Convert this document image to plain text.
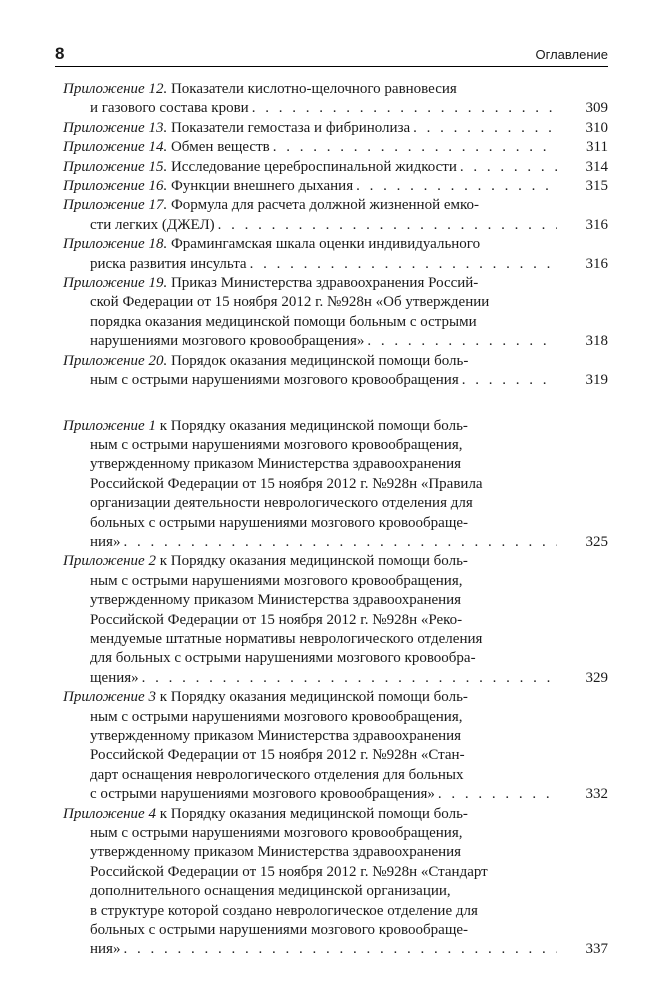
8	Оглавление
Приложение 12. Показатели кислотно-щелочного равновесия
и газового состава крови . . .	309
Приложение 13. Показатели гемостаза и фибринолиза . . .	310
Приложение 14. Обмен веществ . . .	311
Приложение 15. Исследование цереброспинальной жидкости . . .	314
Приложение 16. Функции внешнего дыхания . . .	315
Приложение 17. Формула для расчета должной жизненной емко-
сти легких (ДЖЕЛ) . . .	316
Приложение 18. Фрамингамская шкала оценки индивидуального
риска развития инсульта . . .	316
Приложение 19. Приказ Министерства здравоохранения Россий-
ской Федерации от 15 ноября 2012 г. №928н «Об утверждении
порядка оказания медицинской помощи больным с острыми
нарушениями мозгового кровообращения» . . .	318
Приложение 20. Порядок оказания медицинской помощи боль-
ным с острыми нарушениями мозгового кровообращения . . .	319
Приложение 1 к Порядку оказания медицинской помощи боль-
ным с острыми нарушениями мозгового кровообращения,
утвержденному приказом Министерства здравоохранения
Российской Федерации от 15 ноября 2012 г. №928н «Правила
организации деятельности неврологического отделения для
больных с острыми нарушениями мозгового кровообраще-
ния» . . .	325
Приложение 2 к Порядку оказания медицинской помощи боль-
ным с острыми нарушениями мозгового кровообращения,
утвержденному приказом Министерства здравоохранения
Российской Федерации от 15 ноября 2012 г. №928н «Реко-
мендуемые штатные нормативы неврологического отделения
для больных с острыми нарушениями мозгового кровообра-
щения» . . .	329
Приложение 3 к Порядку оказания медицинской помощи боль-
ным с острыми нарушениями мозгового кровообращения,
утвержденному приказом Министерства здравоохранения
Российской Федерации от 15 ноября 2012 г. №928н «Стан-
дарт оснащения неврологического отделения для больных
с острыми нарушениями мозгового кровообращения» . . .	332
Приложение 4 к Порядку оказания медицинской помощи боль-
ным с острыми нарушениями мозгового кровообращения,
утвержденному приказом Министерства здравоохранения
Российской Федерации от 15 ноября 2012 г. №928н «Стандарт
дополнительного оснащения медицинской организации,
в структуре которой создано неврологическое отделение для
больных с острыми нарушениями мозгового кровообраще-
ния» . . .	337
